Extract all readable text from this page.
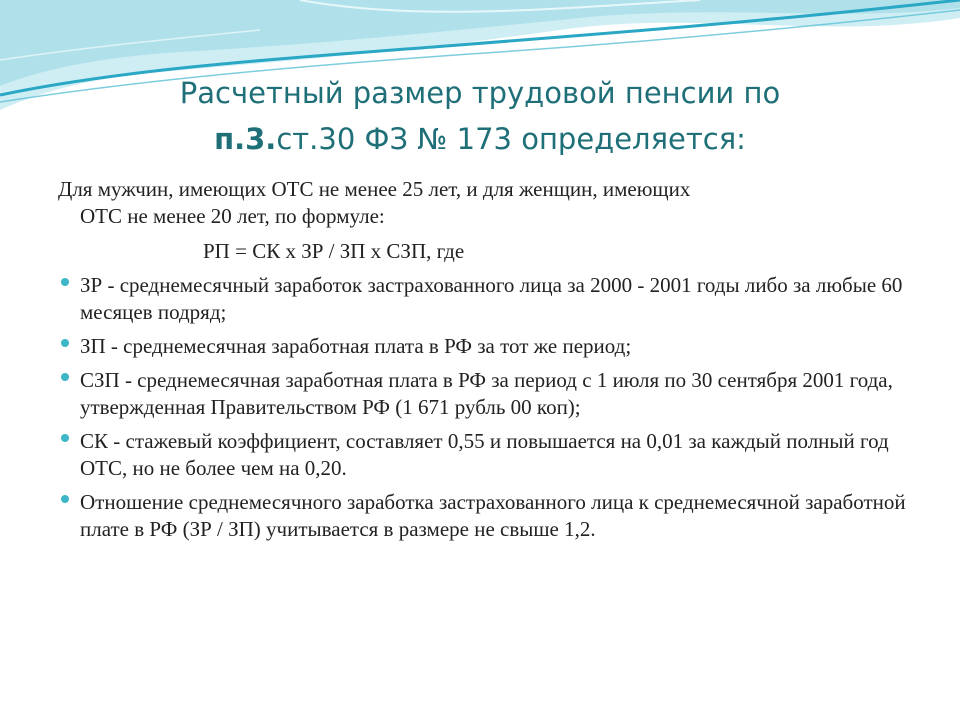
Расчетный размер трудовой пенсии по
п.3.ст.30 ФЗ № 173 определяется:
Для мужчин, имеющих ОТС не менее 25 лет, и для женщин, имеющих
ОТС не менее 20 лет, по формуле:
РП = СК х ЗР / ЗП х СЗП, где
ЗР - среднемесячный заработок застрахованного лица за 2000 - 2001 годы либо за любые 60 месяцев подряд;
ЗП - среднемесячная заработная плата в РФ за тот же период;
СЗП - среднемесячная заработная плата в РФ за период с 1 июля по 30 сентября 2001 года, утвержденная Правительством РФ (1 671 рубль 00 коп);
СК - стажевый коэффициент, составляет 0,55 и повышается на 0,01 за каждый полный год ОТС, но не более чем на 0,20.
Отношение среднемесячного заработка застрахованного лица к среднемесячной заработной плате в РФ (ЗР / ЗП) учитывается в размере не свыше 1,2.
